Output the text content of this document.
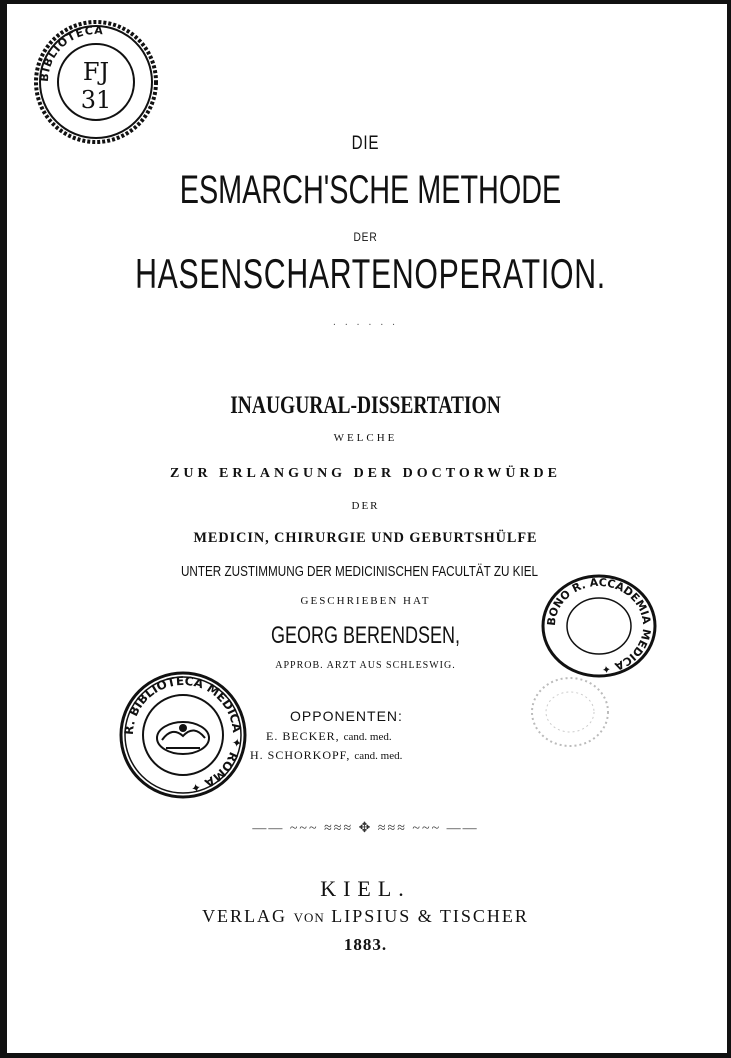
BIBLIOTECA
FJ
31
DIE
ESMARCH'SCHE METHODE
DER
HASENSCHARTENOPERATION.
· · · · · ·
INAUGURAL-DISSERTATION
WELCHE
ZUR ERLANGUNG DER DOCTORWÜRDE
DER
MEDICIN, CHIRURGIE UND GEBURTSHÜLFE
UNTER ZUSTIMMUNG DER MEDICINISCHEN FACULTÄT ZU KIEL
GESCHRIEBEN HAT
GEORG BERENDSEN,
APPROB. ARZT AUS SCHLESWIG.
OPPONENTEN:
E. BECKER, cand. med.
H. SCHORKOPF, cand. med.
—— ~~~ ≈≈≈ ✥ ≈≈≈ ~~~ ——
KIEL.
VERLAG VON LIPSIUS & TISCHER
1883.
R. BIBLIOTECA MEDICA ✦ ROMA ✦
BONO R. ACCADEMIA MEDICA ✦
